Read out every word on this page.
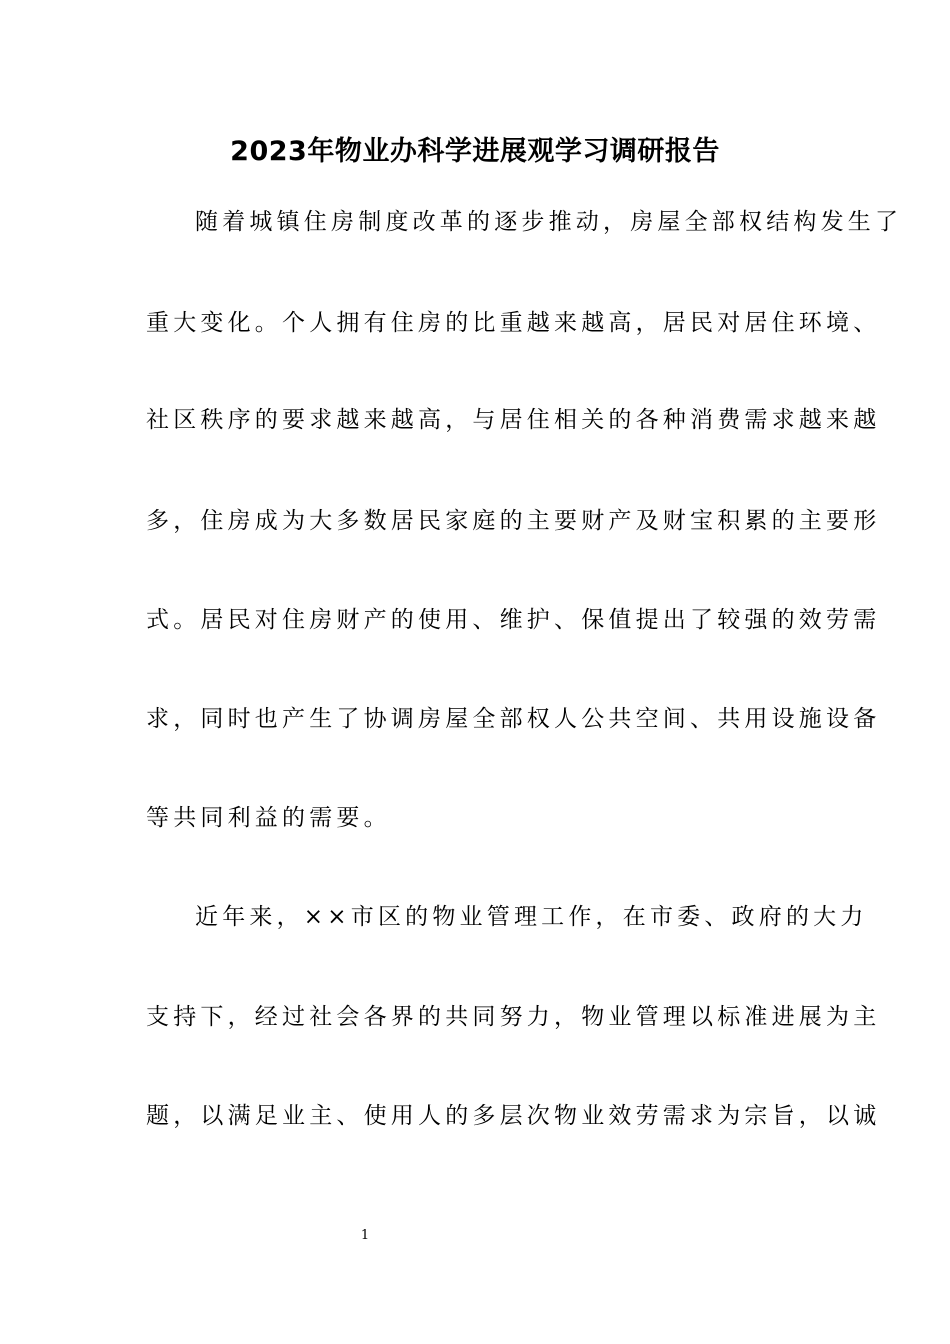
2023年物业办科学进展观学习调研报告
随着城镇住房制度改革的逐步推动，房屋全部权结构发生了
重大变化。个人拥有住房的比重越来越高，居民对居住环境、
社区秩序的要求越来越高，与居住相关的各种消费需求越来越
多，住房成为大多数居民家庭的主要财产及财宝积累的主要形
式。居民对住房财产的使用、维护、保值提出了较强的效劳需
求，同时也产生了协调房屋全部权人公共空间、共用设施设备
等共同利益的需要。
近年来，××市区的物业管理工作，在市委、政府的大力
支持下，经过社会各界的共同努力，物业管理以标准进展为主
题，以满足业主、使用人的多层次物业效劳需求为宗旨，以诚
1
